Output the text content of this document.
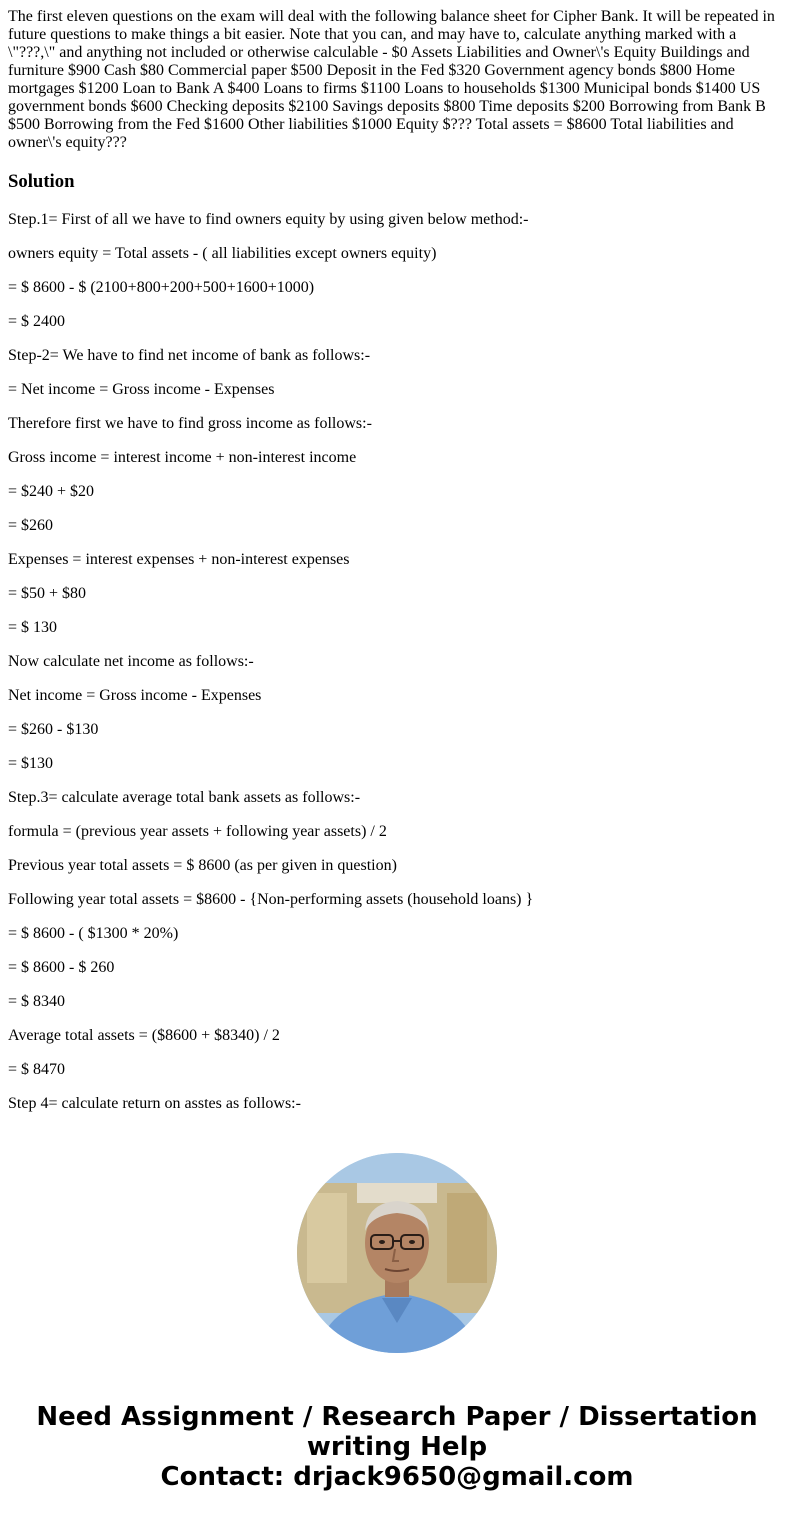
The first eleven questions on the exam will deal with the following balance sheet for Cipher Bank. It will be repeated in future questions to make things a bit easier. Note that you can, and may have to, calculate anything marked with a \"???,\" and anything not included or otherwise calculable - $0 Assets Liabilities and Owner\'s Equity Buildings and furniture $900 Cash $80 Commercial paper $500 Deposit in the Fed $320 Government agency bonds $800 Home mortgages $1200 Loan to Bank A $400 Loans to firms $1100 Loans to households $1300 Municipal bonds $1400 US government bonds $600 Checking deposits $2100 Savings deposits $800 Time deposits $200 Borrowing from Bank B $500 Borrowing from the Fed $1600 Other liabilities $1000 Equity $??? Total assets = $8600 Total liabilities and owner\'s equity???

Solution

Step.1= First of all we have to find owners equity by using given below method:-

owners equity = Total assets - ( all liabilities except owners equity)

= $ 8600 - $ (2100+800+200+500+1600+1000)

= $ 2400

Step-2= We have to find net income of bank as follows:-

= Net income = Gross income - Expenses

Therefore first we have to find gross income as follows:-

Gross income = interest income + non-interest income

= $240 + $20

= $260

Expenses = interest expenses + non-interest expenses

= $50 + $80

= $ 130

Now calculate net income as follows:-

Net income = Gross income - Expenses

= $260 - $130

= $130

Step.3= calculate average total bank assets as follows:-

formula = (previous year assets + following year assets) / 2

Previous year total assets = $ 8600 (as per given in question)

Following year total assets = $8600 - {Non-performing assets (household loans) }

= $ 8600 - ( $1300 * 20%)

= $ 8600 - $ 260

= $ 8340

Average total assets = ($8600 + $8340) / 2

= $ 8470

Step 4= calculate return on asstes as follows:-

Need Assignment / Research Paper / Dissertation
writing Help
Contact: drjack9650@gmail.com
